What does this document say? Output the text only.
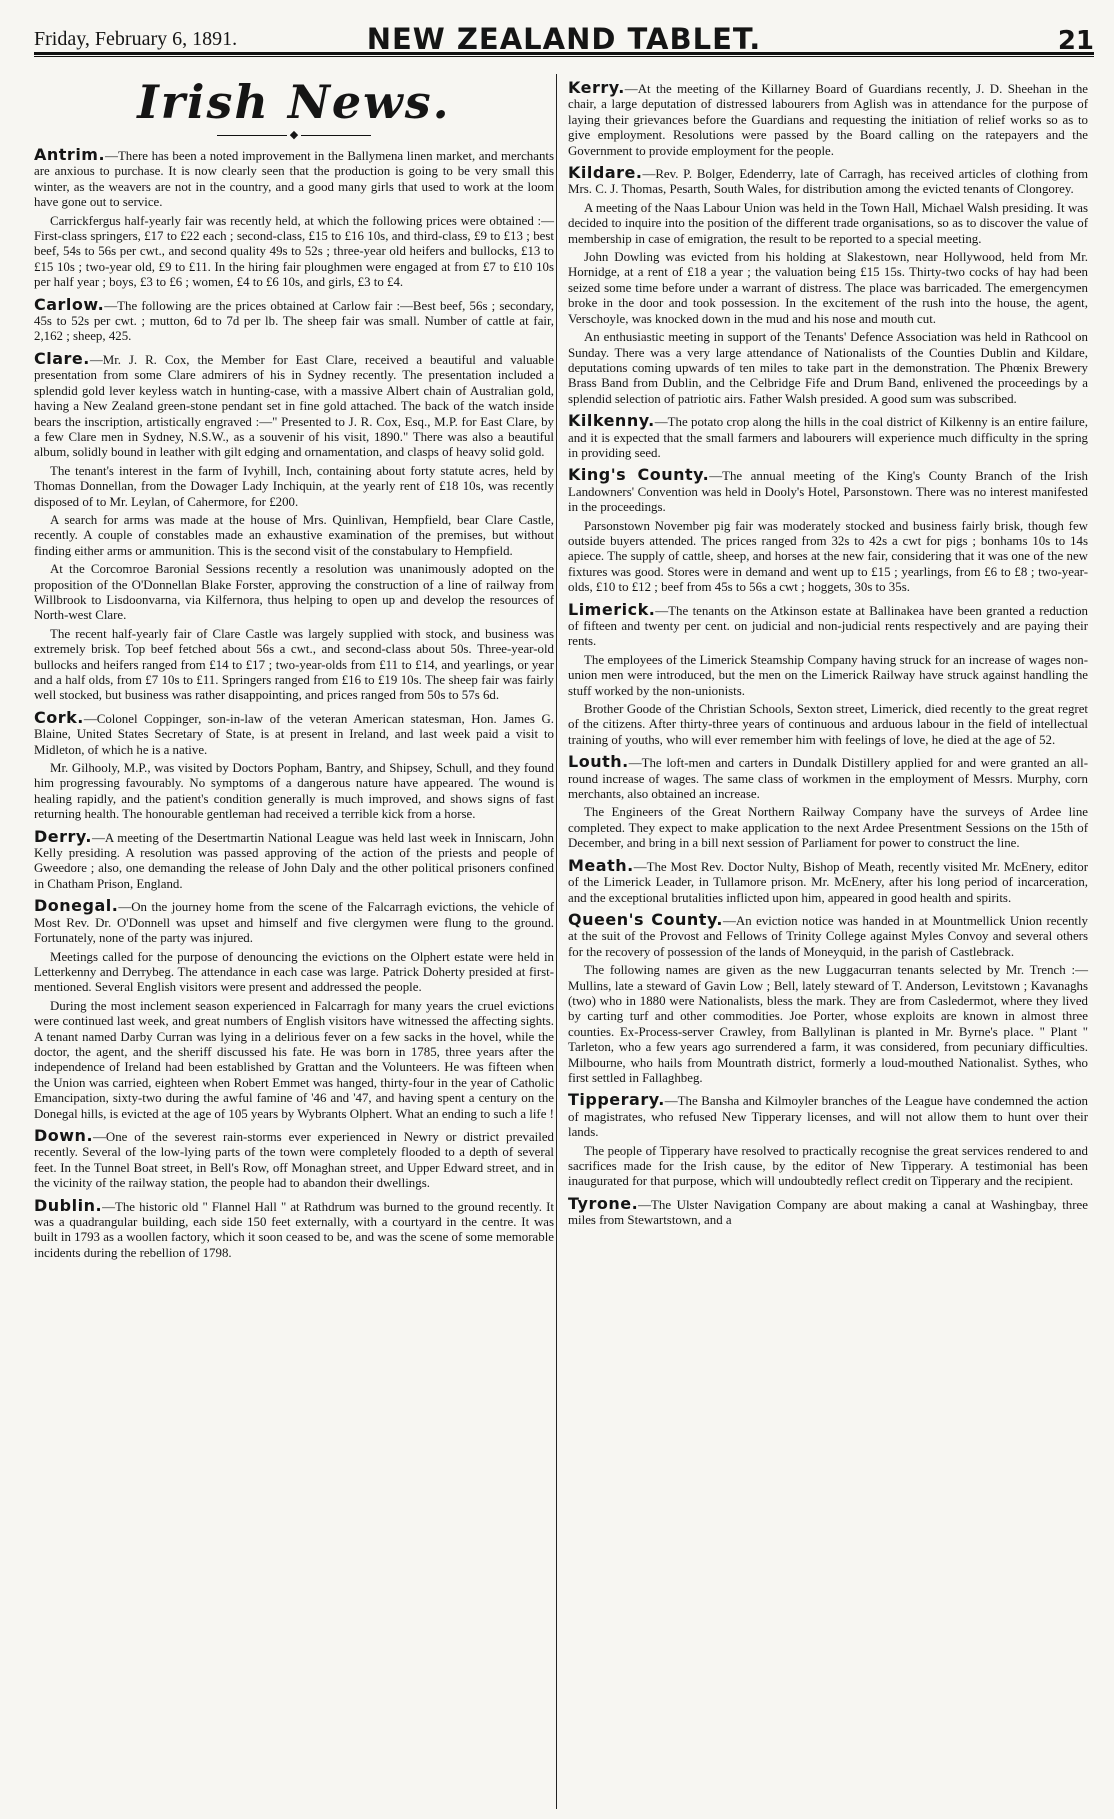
Friday, February 6, 1891.	NEW ZEALAND TABLET.	21
Irish News.
◆

Antrim.—There has been a noted improvement in the Ballymena linen market, and merchants are anxious to purchase. It is now clearly seen that the production is going to be very small this winter, as the weavers are not in the country, and a good many girls that used to work at the loom have gone out to service.

Carrickfergus half-yearly fair was recently held, at which the following prices were obtained :—First-class springers, £17 to £22 each ; second-class, £15 to £16 10s, and third-class, £9 to £13 ; best beef, 54s to 56s per cwt., and second quality 49s to 52s ; three-year old heifers and bullocks, £13 to £15 10s ; two-year old, £9 to £11. In the hiring fair ploughmen were engaged at from £7 to £10 10s per half year ; boys, £3 to £6 ; women, £4 to £6 10s, and girls, £3 to £4.

Carlow.—The following are the prices obtained at Carlow fair :—Best beef, 56s ; secondary, 45s to 52s per cwt. ; mutton, 6d to 7d per lb. The sheep fair was small. Number of cattle at fair, 2,162 ; sheep, 425.

Clare.—Mr. J. R. Cox, the Member for East Clare, received a beautiful and valuable presentation from some Clare admirers of his in Sydney recently. The presentation included a splendid gold lever keyless watch in hunting-case, with a massive Albert chain of Australian gold, having a New Zealand green-stone pendant set in fine gold attached. The back of the watch inside bears the inscription, artistically engraved :—" Presented to J. R. Cox, Esq., M.P. for East Clare, by a few Clare men in Sydney, N.S.W., as a souvenir of his visit, 1890." There was also a beautiful album, solidly bound in leather with gilt edging and ornamentation, and clasps of heavy solid gold.

The tenant's interest in the farm of Ivyhill, Inch, containing about forty statute acres, held by Thomas Donnellan, from the Dowager Lady Inchiquin, at the yearly rent of £18 10s, was recently disposed of to Mr. Leylan, of Cahermore, for £200.

A search for arms was made at the house of Mrs. Quinlivan, Hempfield, bear Clare Castle, recently. A couple of constables made an exhaustive examination of the premises, but without finding either arms or ammunition. This is the second visit of the constabulary to Hempfield.

At the Corcomroe Baronial Sessions recently a resolution was unanimously adopted on the proposition of the O'Donnellan Blake Forster, approving the construction of a line of railway from Willbrook to Lisdoonvarna, via Kilfernora, thus helping to open up and develop the resources of North-west Clare.

The recent half-yearly fair of Clare Castle was largely supplied with stock, and business was extremely brisk. Top beef fetched about 56s a cwt., and second-class about 50s. Three-year-old bullocks and heifers ranged from £14 to £17 ; two-year-olds from £11 to £14, and yearlings, or year and a half olds, from £7 10s to £11. Springers ranged from £16 to £19 10s. The sheep fair was fairly well stocked, but business was rather disappointing, and prices ranged from 50s to 57s 6d.

Cork.—Colonel Coppinger, son-in-law of the veteran American statesman, Hon. James G. Blaine, United States Secretary of State, is at present in Ireland, and last week paid a visit to Midleton, of which he is a native.

Mr. Gilhooly, M.P., was visited by Doctors Popham, Bantry, and Shipsey, Schull, and they found him progressing favourably. No symptoms of a dangerous nature have appeared. The wound is healing rapidly, and the patient's condition generally is much improved, and shows signs of fast returning health. The honourable gentleman had received a terrible kick from a horse.

Derry.—A meeting of the Desertmartin National League was held last week in Inniscarn, John Kelly presiding. A resolution was passed approving of the action of the priests and people of Gweedore ; also, one demanding the release of John Daly and the other political prisoners confined in Chatham Prison, England.

Donegal.—On the journey home from the scene of the Falcarragh evictions, the vehicle of Most Rev. Dr. O'Donnell was upset and himself and five clergymen were flung to the ground. Fortunately, none of the party was injured.

Meetings called for the purpose of denouncing the evictions on the Olphert estate were held in Letterkenny and Derrybeg. The attendance in each case was large. Patrick Doherty presided at first-mentioned. Several English visitors were present and addressed the people.

During the most inclement season experienced in Falcarragh for many years the cruel evictions were continued last week, and great numbers of English visitors have witnessed the affecting sights. A tenant named Darby Curran was lying in a delirious fever on a few sacks in the hovel, while the doctor, the agent, and the sheriff discussed his fate. He was born in 1785, three years after the independence of Ireland had been established by Grattan and the Volunteers. He was fifteen when the Union was carried, eighteen when Robert Emmet was hanged, thirty-four in the year of Catholic Emancipation, sixty-two during the awful famine of '46 and '47, and having spent a century on the Donegal hills, is evicted at the age of 105 years by Wybrants Olphert. What an ending to such a life !

Down.—One of the severest rain-storms ever experienced in Newry or district prevailed recently. Several of the low-lying parts of the town were completely flooded to a depth of several feet. In the Tunnel Boat street, in Bell's Row, off Monaghan street, and Upper Edward street, and in the vicinity of the railway station, the people had to abandon their dwellings.

Dublin.—The historic old " Flannel Hall " at Rathdrum was burned to the ground recently. It was a quadrangular building, each side 150 feet externally, with a courtyard in the centre. It was built in 1793 as a woollen factory, which it soon ceased to be, and was the scene of some memorable incidents during the rebellion of 1798.

Kerry.—At the meeting of the Killarney Board of Guardians recently, J. D. Sheehan in the chair, a large deputation of distressed labourers from Aglish was in attendance for the purpose of laying their grievances before the Guardians and requesting the initiation of relief works so as to give employment. Resolutions were passed by the Board calling on the ratepayers and the Government to provide employment for the people.

Kildare.—Rev. P. Bolger, Edenderry, late of Carragh, has received articles of clothing from Mrs. C. J. Thomas, Pesarth, South Wales, for distribution among the evicted tenants of Clongorey.

A meeting of the Naas Labour Union was held in the Town Hall, Michael Walsh presiding. It was decided to inquire into the position of the different trade organisations, so as to discover the value of membership in case of emigration, the result to be reported to a special meeting.

John Dowling was evicted from his holding at Slakestown, near Hollywood, held from Mr. Hornidge, at a rent of £18 a year ; the valuation being £15 15s. Thirty-two cocks of hay had been seized some time before under a warrant of distress. The place was barricaded. The emergencymen broke in the door and took possession. In the excitement of the rush into the house, the agent, Verschoyle, was knocked down in the mud and his nose and mouth cut.

An enthusiastic meeting in support of the Tenants' Defence Association was held in Rathcool on Sunday. There was a very large attendance of Nationalists of the Counties Dublin and Kildare, deputations coming upwards of ten miles to take part in the demonstration. The Phœnix Brewery Brass Band from Dublin, and the Celbridge Fife and Drum Band, enlivened the proceedings by a splendid selection of patriotic airs. Father Walsh presided. A good sum was subscribed.

Kilkenny.—The potato crop along the hills in the coal district of Kilkenny is an entire failure, and it is expected that the small farmers and labourers will experience much difficulty in the spring in providing seed.

King's County.—The annual meeting of the King's County Branch of the Irish Landowners' Convention was held in Dooly's Hotel, Parsonstown. There was no interest manifested in the proceedings.

Parsonstown November pig fair was moderately stocked and business fairly brisk, though few outside buyers attended. The prices ranged from 32s to 42s a cwt for pigs ; bonhams 10s to 14s apiece. The supply of cattle, sheep, and horses at the new fair, considering that it was one of the new fixtures was good. Stores were in demand and went up to £15 ; yearlings, from £6 to £8 ; two-year-olds, £10 to £12 ; beef from 45s to 56s a cwt ; hoggets, 30s to 35s.

Limerick.—The tenants on the Atkinson estate at Ballinakea have been granted a reduction of fifteen and twenty per cent. on judicial and non-judicial rents respectively and are paying their rents.

The employees of the Limerick Steamship Company having struck for an increase of wages non-union men were introduced, but the men on the Limerick Railway have struck against handling the stuff worked by the non-unionists.

Brother Goode of the Christian Schools, Sexton street, Limerick, died recently to the great regret of the citizens. After thirty-three years of continuous and arduous labour in the field of intellectual training of youths, who will ever remember him with feelings of love, he died at the age of 52.

Louth.—The loft-men and carters in Dundalk Distillery applied for and were granted an all-round increase of wages. The same class of workmen in the employment of Messrs. Murphy, corn merchants, also obtained an increase.

The Engineers of the Great Northern Railway Company have the surveys of Ardee line completed. They expect to make application to the next Ardee Presentment Sessions on the 15th of December, and bring in a bill next session of Parliament for power to construct the line.

Meath.—The Most Rev. Doctor Nulty, Bishop of Meath, recently visited Mr. McEnery, editor of the Limerick Leader, in Tullamore prison. Mr. McEnery, after his long period of incarceration, and the exceptional brutalities inflicted upon him, appeared in good health and spirits.

Queen's County.—An eviction notice was handed in at Mountmellick Union recently at the suit of the Provost and Fellows of Trinity College against Myles Convoy and several others for the recovery of possession of the lands of Moneyquid, in the parish of Castlebrack.

The following names are given as the new Luggacurran tenants selected by Mr. Trench :—Mullins, late a steward of Gavin Low ; Bell, lately steward of T. Anderson, Levitstown ; Kavanaghs (two) who in 1880 were Nationalists, bless the mark. They are from Casledermot, where they lived by carting turf and other commodities. Joe Porter, whose exploits are known in almost three counties. Ex-Process-server Crawley, from Ballylinan is planted in Mr. Byrne's place. " Plant " Tarleton, who a few years ago surrendered a farm, it was considered, from pecuniary difficulties. Milbourne, who hails from Mountrath district, formerly a loud-mouthed Nationalist. Sythes, who first settled in Fallaghbeg.

Tipperary.—The Bansha and Kilmoyler branches of the League have condemned the action of magistrates, who refused New Tipperary licenses, and will not allow them to hunt over their lands.

The people of Tipperary have resolved to practically recognise the great services rendered to and sacrifices made for the Irish cause, by the editor of New Tipperary. A testimonial has been inaugurated for that purpose, which will undoubtedly reflect credit on Tipperary and the recipient.

Tyrone.—The Ulster Navigation Company are about making a canal at Washingbay, three miles from Stewartstown, and a
